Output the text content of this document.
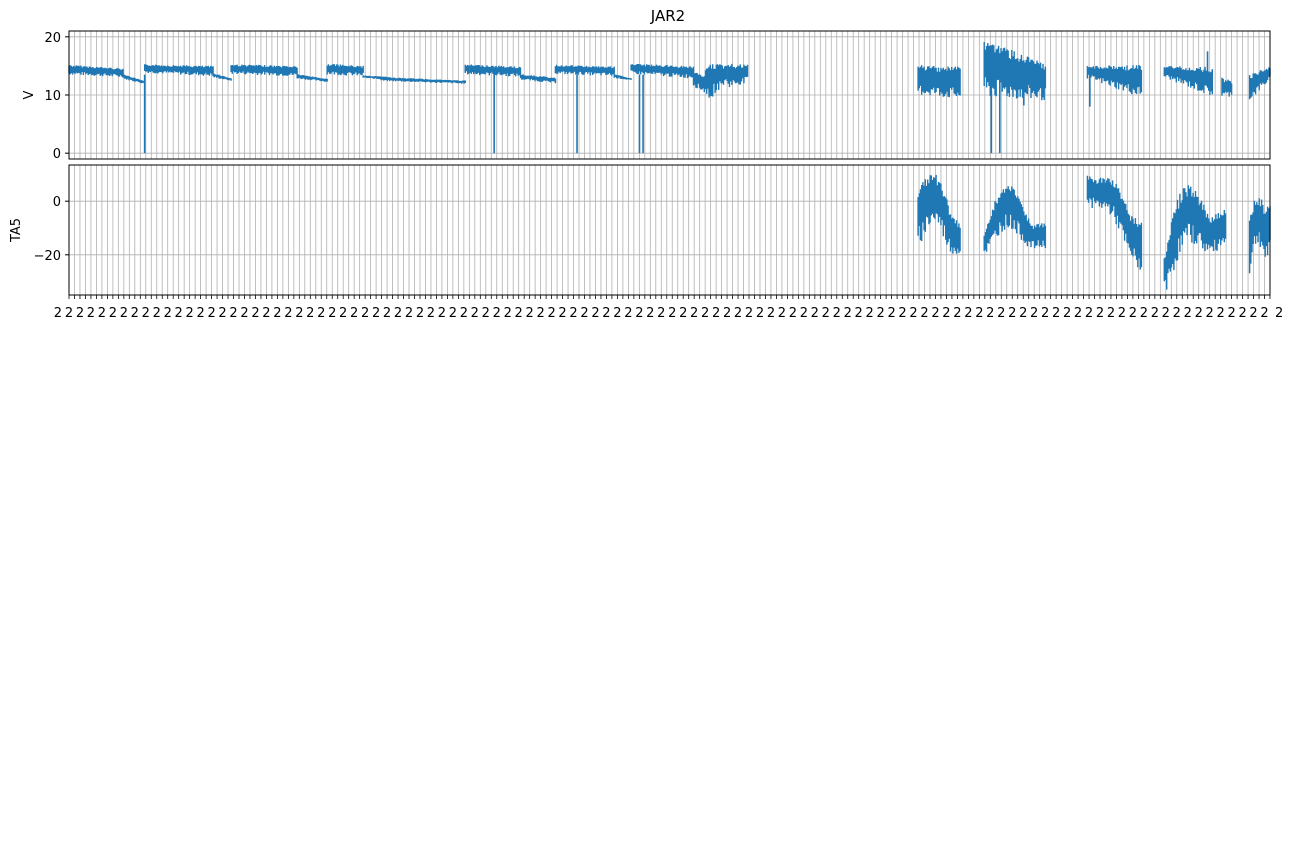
JAR2
0
10
20
V
−20
0
TA5
2 2 2 2 2 2 2 2 2 2 2 2 2 2 2 2 2 2 2 2 2 2 2 2 2 2 2 2 2 2 2 2 2 2 2 2 2 2 2 2 2 2 2 2 2 2 2 2 2 2 2 2 2 2 2 2 2 2 2 2 2 2 2 2 2 2 2 2 2 2 2 2 2 2 2 2 2 2 2 2 2 2 2 2 2 2 2 2 2 2 2 2 2 2 2 2 2 2 2 2 2 2 2 2 2 2 2 2 2 2
2	2
